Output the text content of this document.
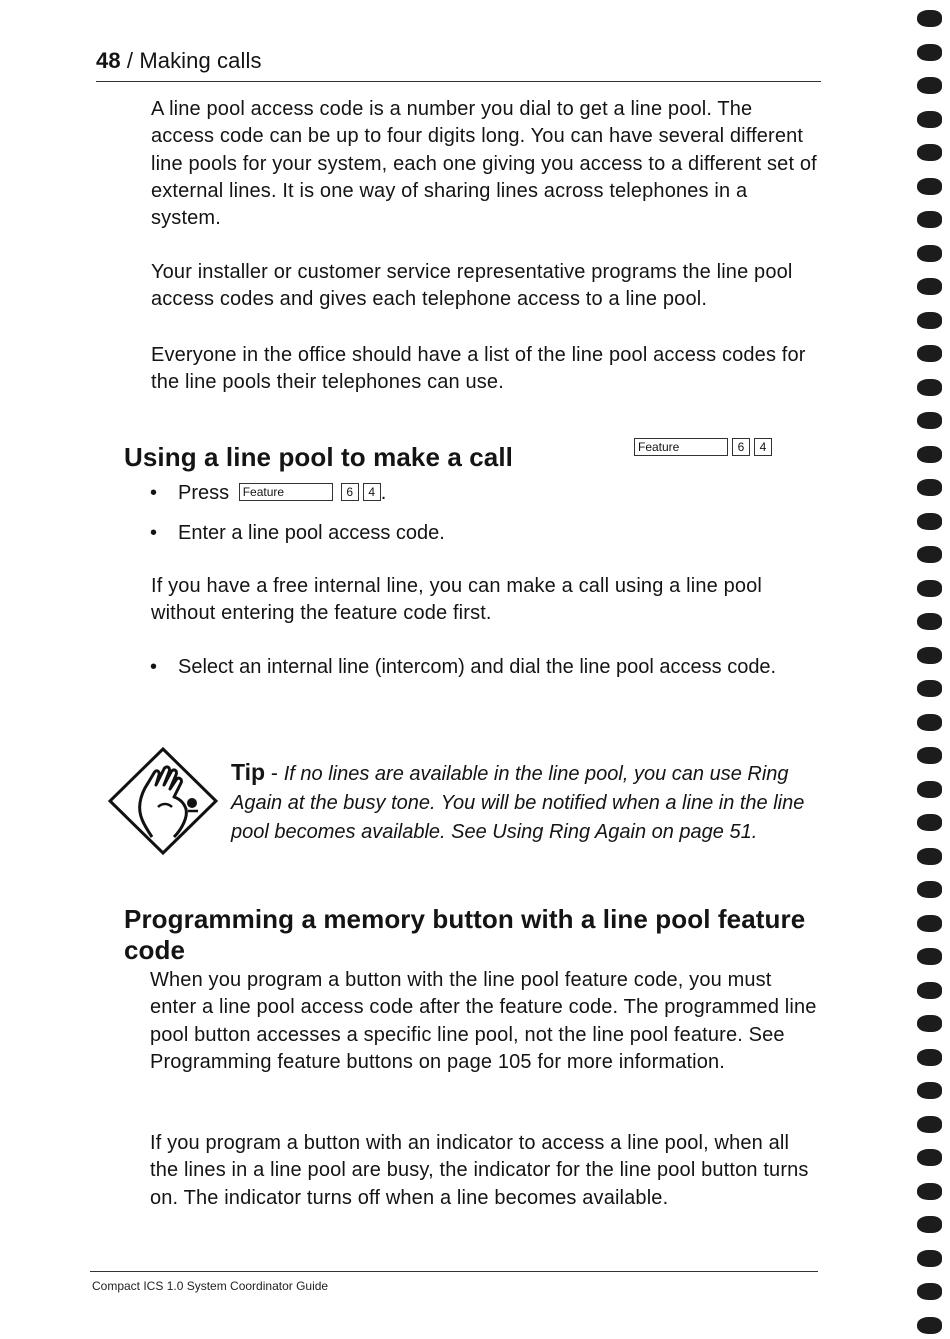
48 / Making calls

A line pool access code is a number you dial to get a line pool. The access code can be up to four digits long. You can have several different line pools for your system, each one giving you access to a different set of external lines. It is one way of sharing lines across telephones in a system.

Your installer or customer service representative programs the line pool access codes and gives each telephone access to a line pool.

Everyone in the office should have a list of the line pool access codes for the line pools their telephones can use.

Using a line pool to make a call	Feature	6 4
• Press Feature	6 4 .
• Enter a line pool access code.

If you have a free internal line, you can make a call using a line pool without entering the feature code first.

• Select an internal line (intercom) and dial the line pool access code.
Tip - If no lines are available in the line pool, you can use Ring Again at the busy tone. You will be notified when a line in the line pool becomes available. See Using Ring Again on page 51.
Programming a memory button with a line pool feature code

When you program a button with the line pool feature code, you must enter a line pool access code after the feature code. The programmed line pool button accesses a specific line pool, not the line pool feature. See Programming feature buttons on page 105 for more information.

If you program a button with an indicator to access a line pool, when all the lines in a line pool are busy, the indicator for the line pool button turns on. The indicator turns off when a line becomes available.

Compact ICS 1.0 System Coordinator Guide
